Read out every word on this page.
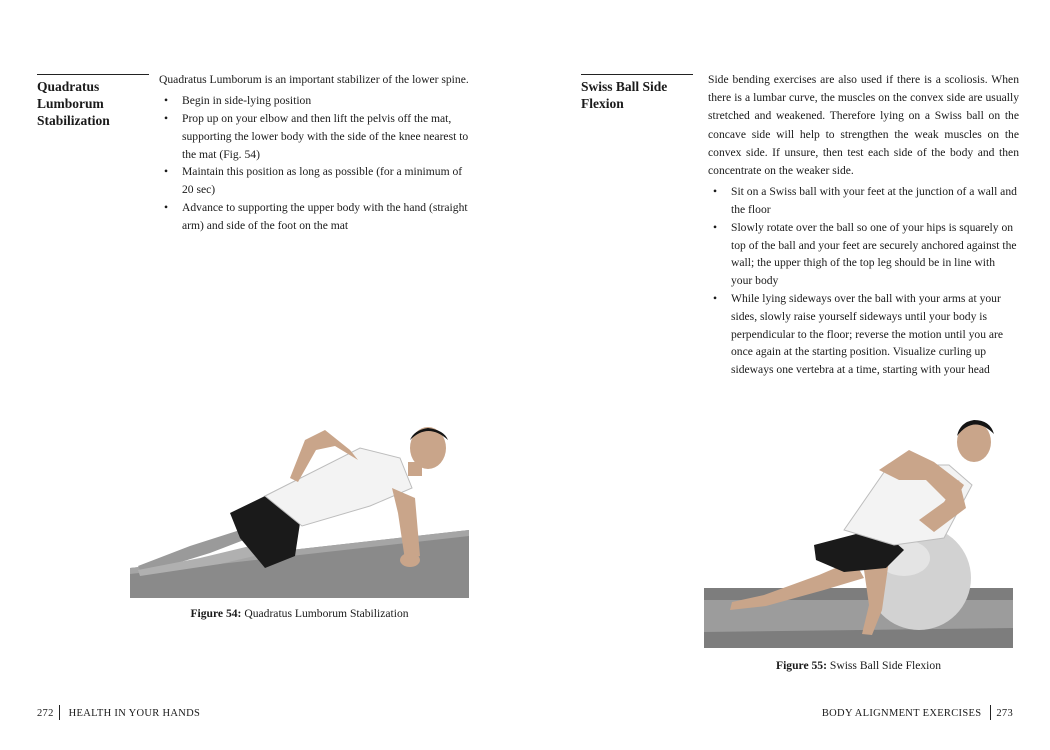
Quadratus Lumborum Stabilization

Quadratus Lumborum is an important stabilizer of the lower spine.

• Begin in side-lying position
• Prop up on your elbow and then lift the pelvis off the mat, supporting the lower body with the side of the knee nearest to the mat (Fig. 54)
• Maintain this position as long as possible (for a minimum of 20 sec)
• Advance to supporting the upper body with the hand (straight arm) and side of the foot on the mat
Figure 54: Quadratus Lumborum Stabilization
272 HEALTH IN YOUR HANDS
Swiss Ball Side Flexion

Side bending exercises are also used if there is a scoliosis. When there is a lumbar curve, the muscles on the convex side are usually stretched and weakened. Therefore lying on a Swiss ball on the concave side will help to strengthen the weak muscles on the convex side. If unsure, then test each side of the body and then concentrate on the weaker side.

• Sit on a Swiss ball with your feet at the junction of a wall and the floor
• Slowly rotate over the ball so one of your hips is squarely on top of the ball and your feet are securely anchored against the wall; the upper thigh of the top leg should be in line with your body
• While lying sideways over the ball with your arms at your sides, slowly raise yourself sideways until your body is perpendicular to the floor; reverse the motion until you are once again at the starting position. Visualize curling up sideways one vertebra at a time, starting with your head
Figure 55: Swiss Ball Side Flexion
BODY ALIGNMENT EXERCISES 273
